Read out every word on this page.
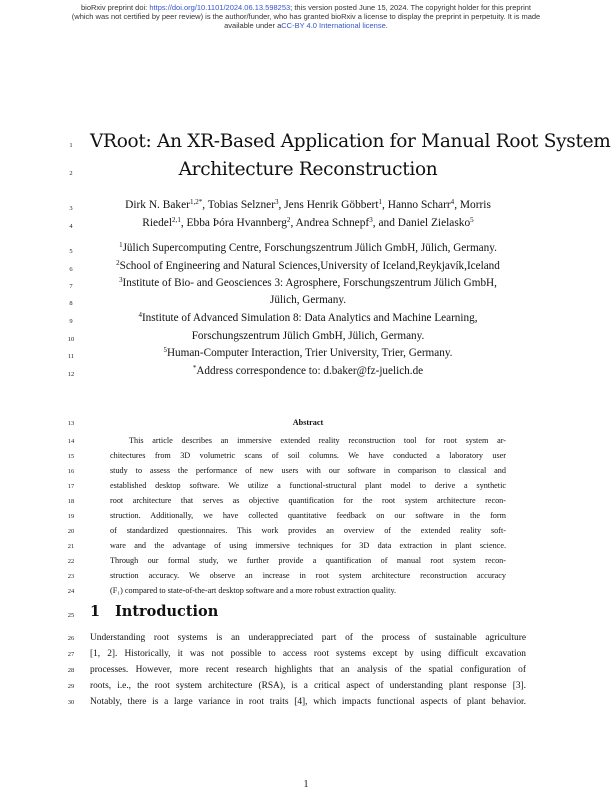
bioRxiv preprint doi: https://doi.org/10.1101/2024.06.13.598253; this version posted June 15, 2024. The copyright holder for this preprint
(which was not certified by peer review) is the author/funder, who has granted bioRxiv a license to display the preprint in perpetuity. It is made
available under aCC-BY 4.0 International license.
1
2
3
4
5
6
7
8
9
10
11
12
13
14
15
16
17
18
19
20
21
22
23
24
25
26
27
28
29
30
VRoot: An XR-Based Application for Manual Root System
Architecture Reconstruction
Dirk N. Baker$^{1,2*}$, Tobias Selzner$^3$, Jens Henrik Göbbert$^1$, Hanno Scharr$^4$, Morris
Riedel$^{2,1}$, Ebba Þóra Hvannberg$^2$, Andrea Schnepf$^3$, and Daniel Zielasko$^5$
$^1$Jülich Supercomputing Centre, Forschungszentrum Jülich GmbH, Jülich, Germany.
$^2$School of Engineering and Natural Sciences,University of Iceland,Reykjavík,Iceland
$^3$Institute of Bio- and Geosciences 3: Agrosphere, Forschungszentrum Jülich GmbH,
Jülich, Germany.
$^4$Institute of Advanced Simulation 8: Data Analytics and Machine Learning,
Forschungszentrum Jülich GmbH, Jülich, Germany.
$^5$Human-Computer Interaction, Trier University, Trier, Germany.
*Address correspondence to: d.baker@fz-juelich.de
Abstract
This article describes an immersive extended reality reconstruction tool for root system ar-
chitectures from 3D volumetric scans of soil columns. We have conducted a laboratory user
study to assess the performance of new users with our software in comparison to classical and
established desktop software. We utilize a functional-structural plant model to derive a synthetic
root architecture that serves as objective quantification for the root system architecture recon-
struction. Additionally, we have collected quantitative feedback on our software in the form
of standardized questionnaires. This work provides an overview of the extended reality soft-
ware and the advantage of using immersive techniques for 3D data extraction in plant science.
Through our formal study, we further provide a quantification of manual root system recon-
struction accuracy. We observe an increase in root system architecture reconstruction accuracy
(F₁) compared to state-of-the-art desktop software and a more robust extraction quality.
1 Introduction
Understanding root systems is an underappreciated part of the process of sustainable agriculture
[1, 2]. Historically, it was not possible to access root systems except by using difficult excavation
processes. However, more recent research highlights that an analysis of the spatial configuration of
roots, i.e., the root system architecture (RSA), is a critical aspect of understanding plant response [3].
Notably, there is a large variance in root traits [4], which impacts functional aspects of plant behavior.
1
